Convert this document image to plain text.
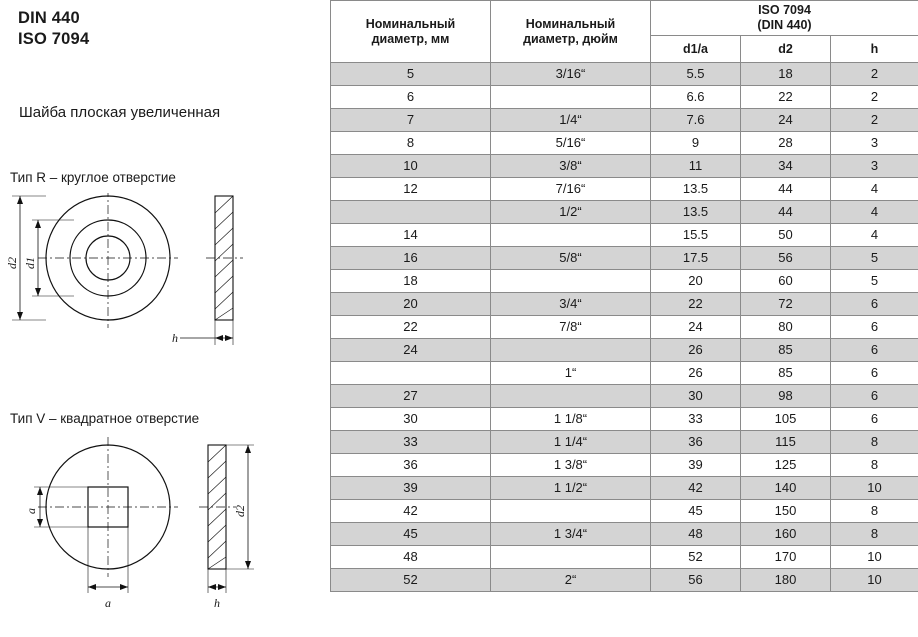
DIN 440
ISO 7094
Шайба плоская увеличенная
Тип R – круглое отверстие
d2 d1
h
Тип V – квадратное отверстие
a
a
d2
h
Номинальный
диаметр, мм

Номинальный
диаметр, дюйм

ISO 7094
(DIN 440)

		d1/a	d2	h
5	3/16“	5.5	18	2
6		6.6	22	2
7	1/4“	7.6	24	2
8	5/16“	9	28	3
10	3/8“	11	34	3
12	7/16“	13.5	44	4
	1/2“	13.5	44	4
14		15.5	50	4
16	5/8“	17.5	56	5
18		20	60	5
20	3/4“	22	72	6
22	7/8“	24	80	6
24		26	85	6
	1“	26	85	6
27		30	98	6
30	1 1/8“	33	105	6
33	1 1/4“	36	115	8
36	1 3/8“	39	125	8
39	1 1/2“	42	140	10
42		45	150	8
45	1 3/4“	48	160	8
48		52	170	10
52	2“	56	180	10
